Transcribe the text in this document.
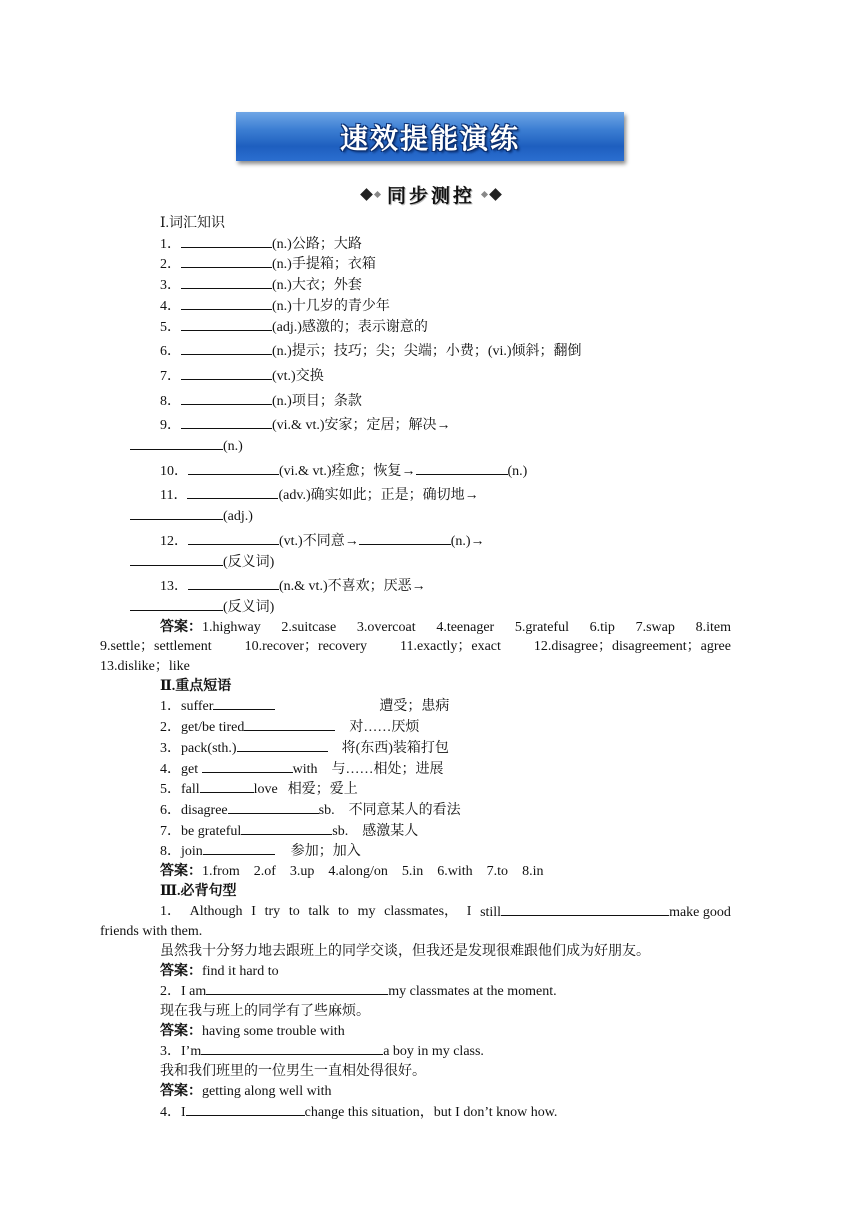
速效提能演练
同步测控
Ⅰ.词汇知识
1．	(n.)公路；大路
2．	(n.)手提箱；衣箱
3．	(n.)大衣；外套
4．	(n.)十几岁的青少年
5．	(adj.)感激的；表示谢意的
6．	(n.)提示；技巧；尖；尖端；小费；(vi.)倾斜；翻倒
7．	(vt.)交换
8．	(n.)项目；条款
9．	(vi.& vt.)安家；定居；解决→
(n.)
10．	(vi.& vt.)痊愈；恢复→	(n.)
11．	(adv.)确实如此；正是；确切地→
(adj.)
12．	(vt.)不同意→	(n.)→
(反义词)
13．	(n.& vt.)不喜欢；厌恶→
(反义词)
答案：1.highway 2.suitcase 3.overcoat 4.teenager 5.grateful 6.tip 7.swap 8.item
9.settle；settlement 10.recover；recovery 11.exactly；exact 12.disagree；disagreement；agree
13.dislike；like
Ⅱ.重点短语
1．suffer	遭受；患病
2．get/be tired	对……厌烦
3．pack(sth.)	将(东西)装箱打包
4．get	with 与……相处；进展
5．fall	love 相爱；爱上
6．disagree	sb. 不同意某人的看法
7．be grateful	sb. 感激某人
8．join	参加；加入
答案：1.from 2.of 3.up 4.along/on 5.in 6.with 7.to 8.in
Ⅲ.必背句型
1． Although I try to talk to my classmates， I still	make good
friends with them.
虽然我十分努力地去跟班上的同学交谈，但我还是发现很难跟他们成为好朋友。
答案：find it hard to
2．I am	my classmates at the moment.
现在我与班上的同学有了些麻烦。
答案：having some trouble with
3．I’m	a boy in my class.
我和我们班里的一位男生一直相处得很好。
答案：getting along well with
4．I	change this situation，but I don’t know how.
